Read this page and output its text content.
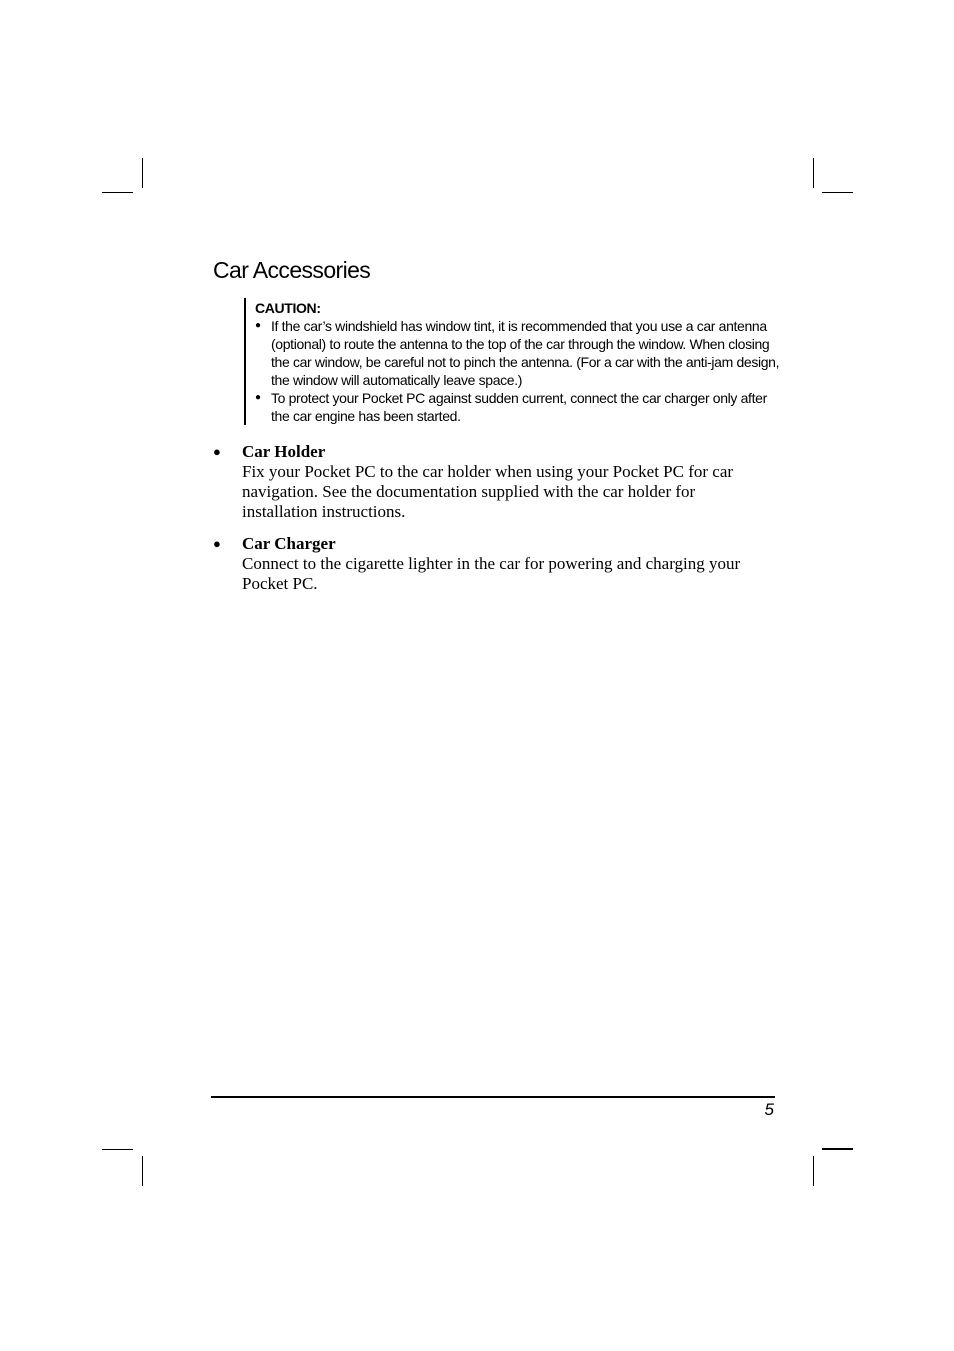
Car Accessories

CAUTION:

● If the car’s windshield has window tint, it is recommended that you use a car antenna (optional) to route the antenna to the top of the car through the window. When closing the car window, be careful not to pinch the antenna. (For a car with the anti-jam design, the window will automatically leave space.)
● To protect your Pocket PC against sudden current, connect the car charger only after the car engine has been started.
● Car Holder

Fix your Pocket PC to the car holder when using your Pocket PC for car navigation. See the documentation supplied with the car holder for installation instructions.

● Car Charger

Connect to the cigarette lighter in the car for powering and charging your Pocket PC.

5
